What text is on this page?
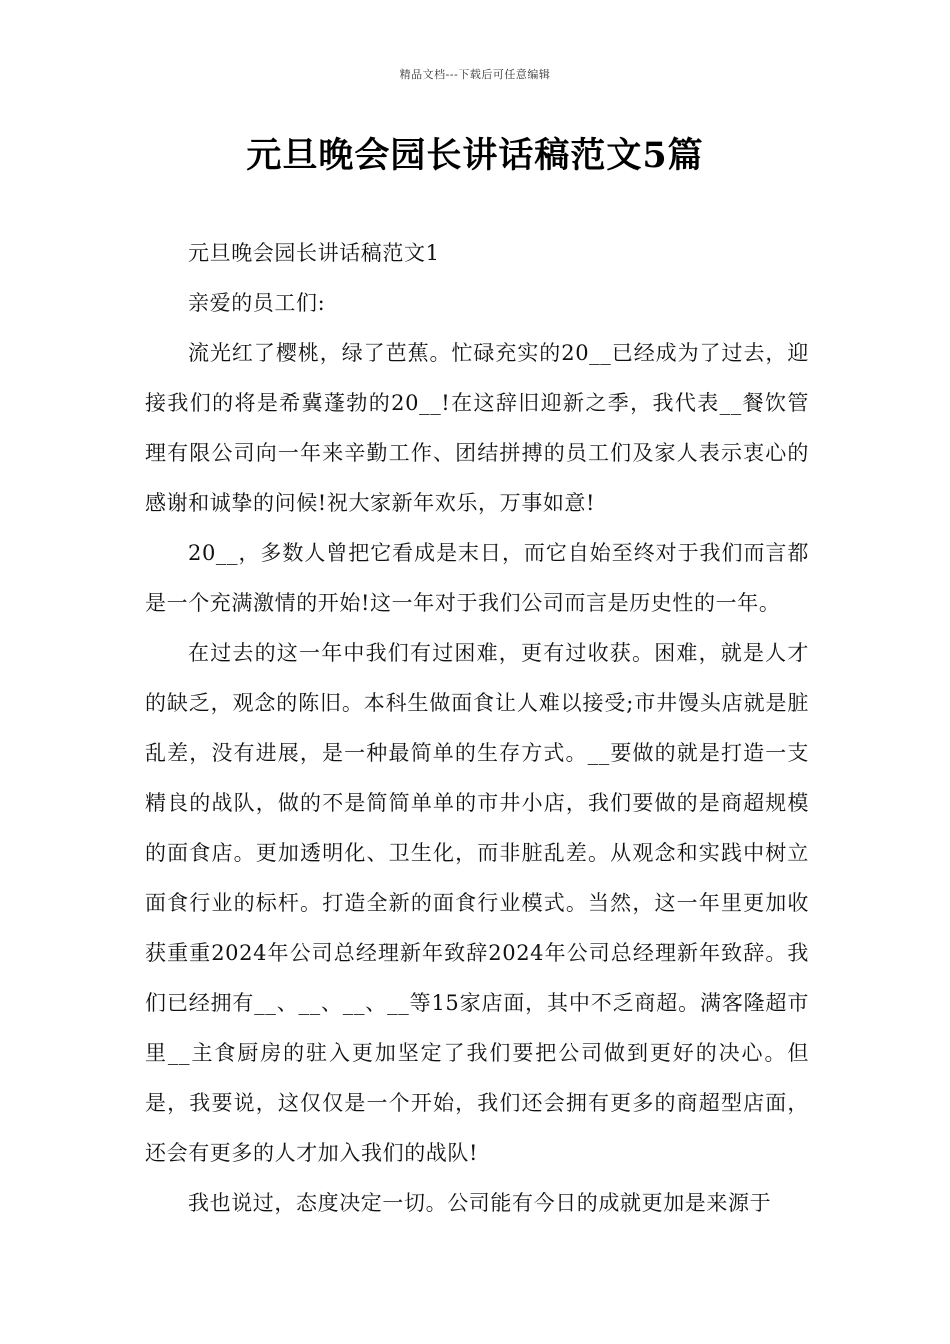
精品文档---下载后可任意编辑
元旦晚会园长讲话稿范文5篇

元旦晚会园长讲话稿范文1

亲爱的员工们:

流光红了樱桃，绿了芭蕉。忙碌充实的20__已经成为了过去，迎接我们的将是希冀蓬勃的20__!在这辞旧迎新之季，我代表__餐饮管理有限公司向一年来辛勤工作、团结拼搏的员工们及家人表示衷心的感谢和诚挚的问候!祝大家新年欢乐，万事如意!

20__，多数人曾把它看成是末日，而它自始至终对于我们而言都是一个充满激情的开始!这一年对于我们公司而言是历史性的一年。

在过去的这一年中我们有过困难，更有过收获。困难，就是人才的缺乏，观念的陈旧。本科生做面食让人难以接受;市井馒头店就是脏乱差，没有进展，是一种最简单的生存方式。__要做的就是打造一支精良的战队，做的不是简简单单的市井小店，我们要做的是商超规模的面食店。更加透明化、卫生化，而非脏乱差。从观念和实践中树立面食行业的标杆。打造全新的面食行业模式。当然，这一年里更加收获重重2024年公司总经理新年致辞2024年公司总经理新年致辞。我们已经拥有__、__、__、__等15家店面，其中不乏商超。满客隆超市里__主食厨房的驻入更加坚定了我们要把公司做到更好的决心。但是，我要说，这仅仅是一个开始，我们还会拥有更多的商超型店面，还会有更多的人才加入我们的战队!

我也说过，态度决定一切。公司能有今日的成就更加是来源于
